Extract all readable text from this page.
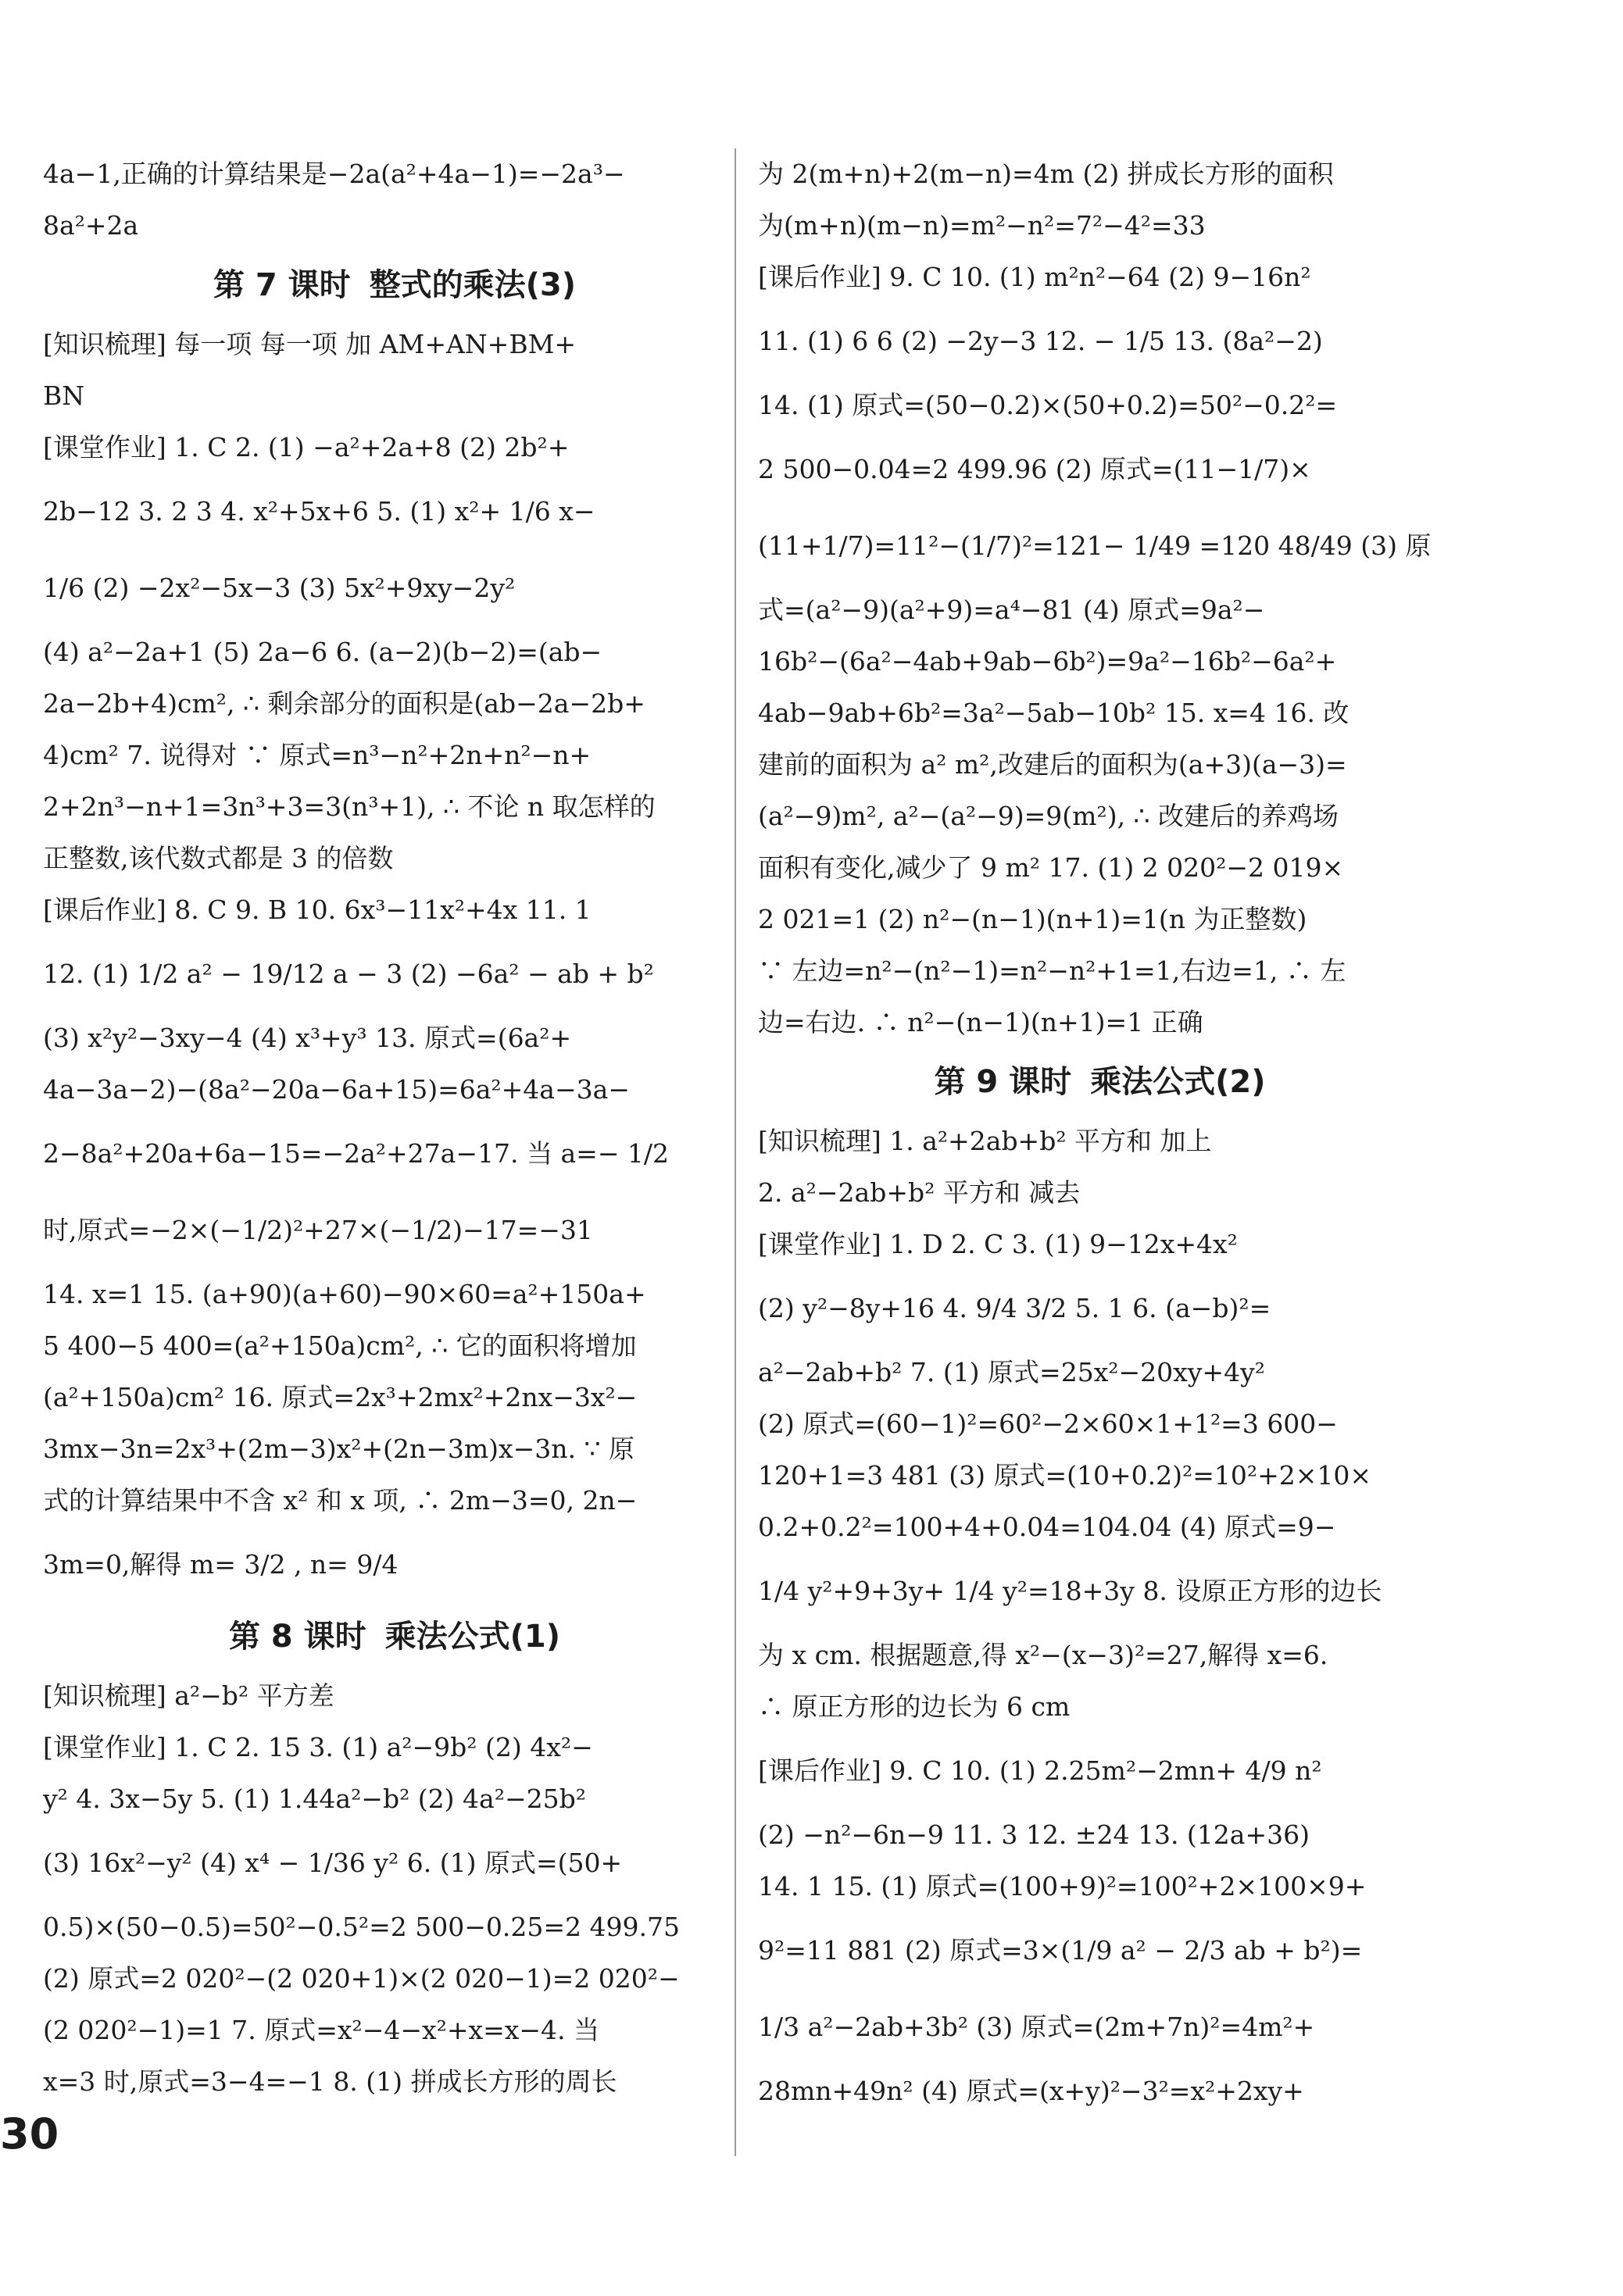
4a−1,正确的计算结果是−2a(a²+4a−1)=−2a³−
8a²+2a
第 7 课时 整式的乘法(3)
[知识梳理] 每一项 每一项 加 AM+AN+BM+
BN
[课堂作业] 1. C 2. (1) −a²+2a+8 (2) 2b²+
2b−12 3. 2 3 4. x²+5x+6 5. (1) x²+ 1/6 x−
1/6 (2) −2x²−5x−3 (3) 5x²+9xy−2y²
(4) a²−2a+1 (5) 2a−6 6. (a−2)(b−2)=(ab−
2a−2b+4)cm², ∴ 剩余部分的面积是(ab−2a−2b+
4)cm² 7. 说得对 ∵ 原式=n³−n²+2n+n²−n+
2+2n³−n+1=3n³+3=3(n³+1), ∴ 不论 n 取怎样的
正整数,该代数式都是 3 的倍数
[课后作业] 8. C 9. B 10. 6x³−11x²+4x 11. 1
12. (1) 1/2 a² − 19/12 a − 3 (2) −6a² − ab + b²
(3) x²y²−3xy−4 (4) x³+y³ 13. 原式=(6a²+
4a−3a−2)−(8a²−20a−6a+15)=6a²+4a−3a−
2−8a²+20a+6a−15=−2a²+27a−17. 当 a=− 1/2
时,原式=−2×(−1/2)²+27×(−1/2)−17=−31
14. x=1 15. (a+90)(a+60)−90×60=a²+150a+
5 400−5 400=(a²+150a)cm², ∴ 它的面积将增加
(a²+150a)cm² 16. 原式=2x³+2mx²+2nx−3x²−
3mx−3n=2x³+(2m−3)x²+(2n−3m)x−3n. ∵ 原
式的计算结果中不含 x² 和 x 项, ∴ 2m−3=0, 2n−
3m=0,解得 m= 3/2 , n= 9/4
第 8 课时 乘法公式(1)
[知识梳理] a²−b² 平方差
[课堂作业] 1. C 2. 15 3. (1) a²−9b² (2) 4x²−
y² 4. 3x−5y 5. (1) 1.44a²−b² (2) 4a²−25b²
(3) 16x²−y² (4) x⁴ − 1/36 y² 6. (1) 原式=(50+
0.5)×(50−0.5)=50²−0.5²=2 500−0.25=2 499.75
(2) 原式=2 020²−(2 020+1)×(2 020−1)=2 020²−
(2 020²−1)=1 7. 原式=x²−4−x²+x=x−4. 当
x=3 时,原式=3−4=−1 8. (1) 拼成长方形的周长
为 2(m+n)+2(m−n)=4m (2) 拼成长方形的面积
为(m+n)(m−n)=m²−n²=7²−4²=33
[课后作业] 9. C 10. (1) m²n²−64 (2) 9−16n²
11. (1) 6 6 (2) −2y−3 12. − 1/5 13. (8a²−2)
14. (1) 原式=(50−0.2)×(50+0.2)=50²−0.2²=
2 500−0.04=2 499.96 (2) 原式=(11−1/7)×
(11+1/7)=11²−(1/7)²=121− 1/49 =120 48/49 (3) 原
式=(a²−9)(a²+9)=a⁴−81 (4) 原式=9a²−
16b²−(6a²−4ab+9ab−6b²)=9a²−16b²−6a²+
4ab−9ab+6b²=3a²−5ab−10b² 15. x=4 16. 改
建前的面积为 a² m²,改建后的面积为(a+3)(a−3)=
(a²−9)m², a²−(a²−9)=9(m²), ∴ 改建后的养鸡场
面积有变化,减少了 9 m² 17. (1) 2 020²−2 019×
2 021=1 (2) n²−(n−1)(n+1)=1(n 为正整数)
∵ 左边=n²−(n²−1)=n²−n²+1=1,右边=1, ∴ 左
边=右边. ∴ n²−(n−1)(n+1)=1 正确
第 9 课时 乘法公式(2)
[知识梳理] 1. a²+2ab+b² 平方和 加上
2. a²−2ab+b² 平方和 减去
[课堂作业] 1. D 2. C 3. (1) 9−12x+4x²
(2) y²−8y+16 4. 9/4 3/2 5. 1 6. (a−b)²=
a²−2ab+b² 7. (1) 原式=25x²−20xy+4y²
(2) 原式=(60−1)²=60²−2×60×1+1²=3 600−
120+1=3 481 (3) 原式=(10+0.2)²=10²+2×10×
0.2+0.2²=100+4+0.04=104.04 (4) 原式=9−
1/4 y²+9+3y+ 1/4 y²=18+3y 8. 设原正方形的边长
为 x cm. 根据题意,得 x²−(x−3)²=27,解得 x=6.
∴ 原正方形的边长为 6 cm
[课后作业] 9. C 10. (1) 2.25m²−2mn+ 4/9 n²
(2) −n²−6n−9 11. 3 12. ±24 13. (12a+36)
14. 1 15. (1) 原式=(100+9)²=100²+2×100×9+
9²=11 881 (2) 原式=3×(1/9 a² − 2/3 ab + b²)=
1/3 a²−2ab+3b² (3) 原式=(2m+7n)²=4m²+
28mn+49n² (4) 原式=(x+y)²−3²=x²+2xy+
30
